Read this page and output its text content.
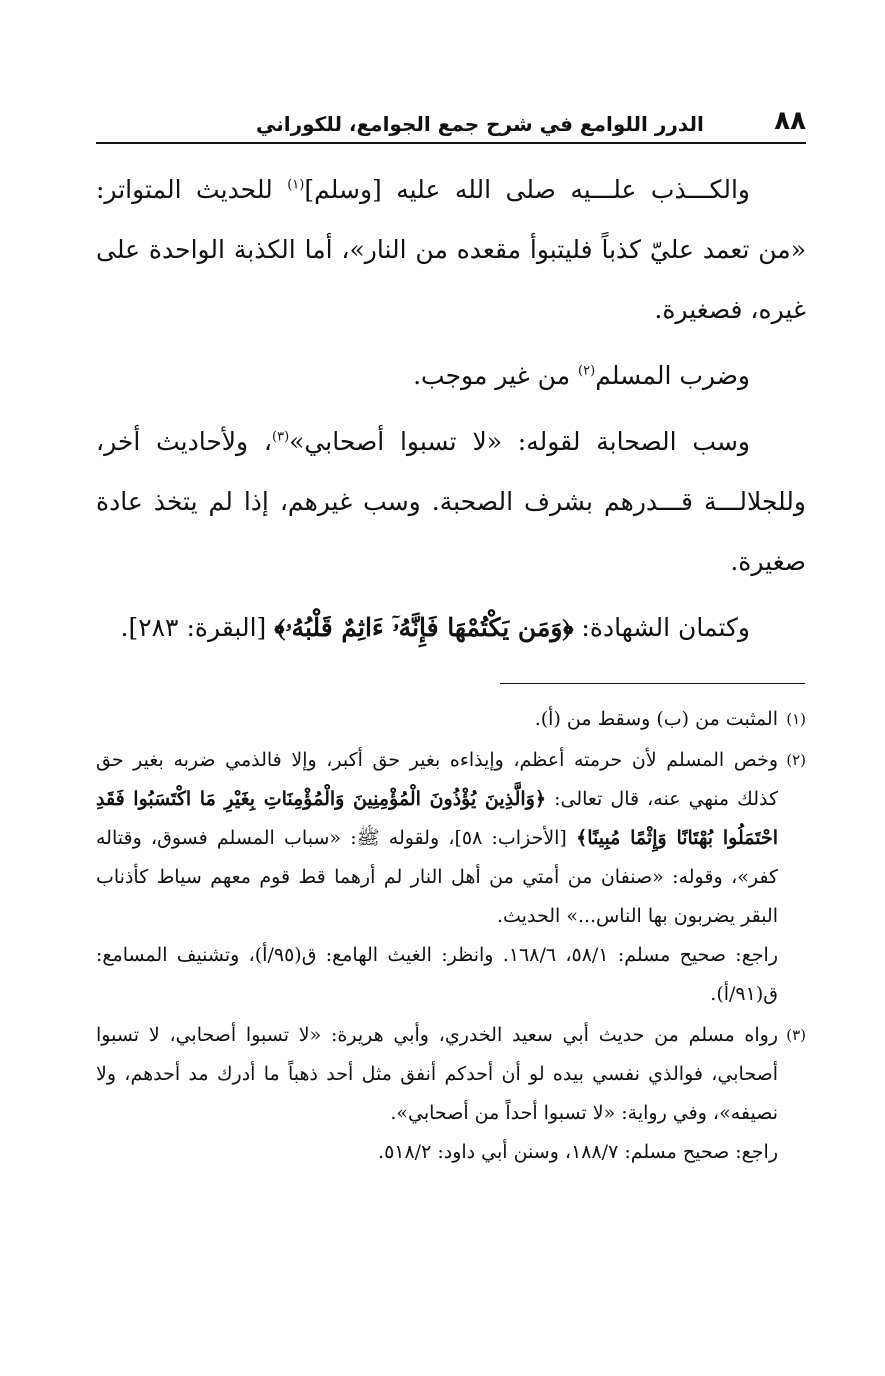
٨٨
الدرر اللوامع في شرح جمع الجوامع، للكوراني

والكـــذب علـــيه صلى الله عليه [وسلم]$^{(١)}$ للحديث المتواتر: «من تعمد عليّ كذباً فليتبوأ مقعده من النار»، أما الكذبة الواحدة على غيره، فصغيرة.

وضرب المسلم$^{(٢)}$ من غير موجب.

وسب الصحابة لقوله: «لا تسبوا أصحابي»$^{(٣)}$، ولأحاديث أخر، وللجلالـــة قـــدرهم بشرف الصحبة. وسب غيرهم، إذا لم يتخذ عادة صغيرة.

وكتمان الشهادة: ﴿وَمَن يَكْتُمْهَا فَإِنَّهُۥٓ ءَاثِمٌ قَلْبُهُۥ﴾ [البقرة: ٢٨٣].

(١)

المثبت من (ب) وسقط من (أ).

(٢)

وخص المسلم لأن حرمته أعظم، وإيذاءه بغير حق أكبر، وإلا فالذمي ضربه بغير حق كذلك منهي عنه، قال تعالى: ﴿وَالَّذِينَ يُؤْذُونَ الْمُؤْمِنِينَ وَالْمُؤْمِنَاتِ بِغَيْرِ مَا اكْتَسَبُوا فَقَدِ احْتَمَلُوا بُهْتَانًا وَإِثْمًا مُبِينًا﴾ [الأحزاب: ٥٨]، ولقوله ﷺ: «سباب المسلم فسوق، وقتاله كفر»، وقوله: «صنفان من أمتي من أهل النار لم أرهما قط قوم معهم سياط كأذناب البقر يضربون بها الناس...» الحديث.

راجع: صحيح مسلم: ٥٨/١، ١٦٨/٦. وانظر: الغيث الهامع: ق(٩٥/أ)، وتشنيف المسامع: ق(٩١/أ).

(٣)

رواه مسلم من حديث أبي سعيد الخدري، وأبي هريرة: «لا تسبوا أصحابي، لا تسبوا أصحابي، فوالذي نفسي بيده لو أن أحدكم أنفق مثل أحد ذهباً ما أدرك مد أحدهم، ولا نصيفه»، وفي رواية: «لا تسبوا أحداً من أصحابي».

راجع: صحيح مسلم: ١٨٨/٧، وسنن أبي داود: ٥١٨/٢.
